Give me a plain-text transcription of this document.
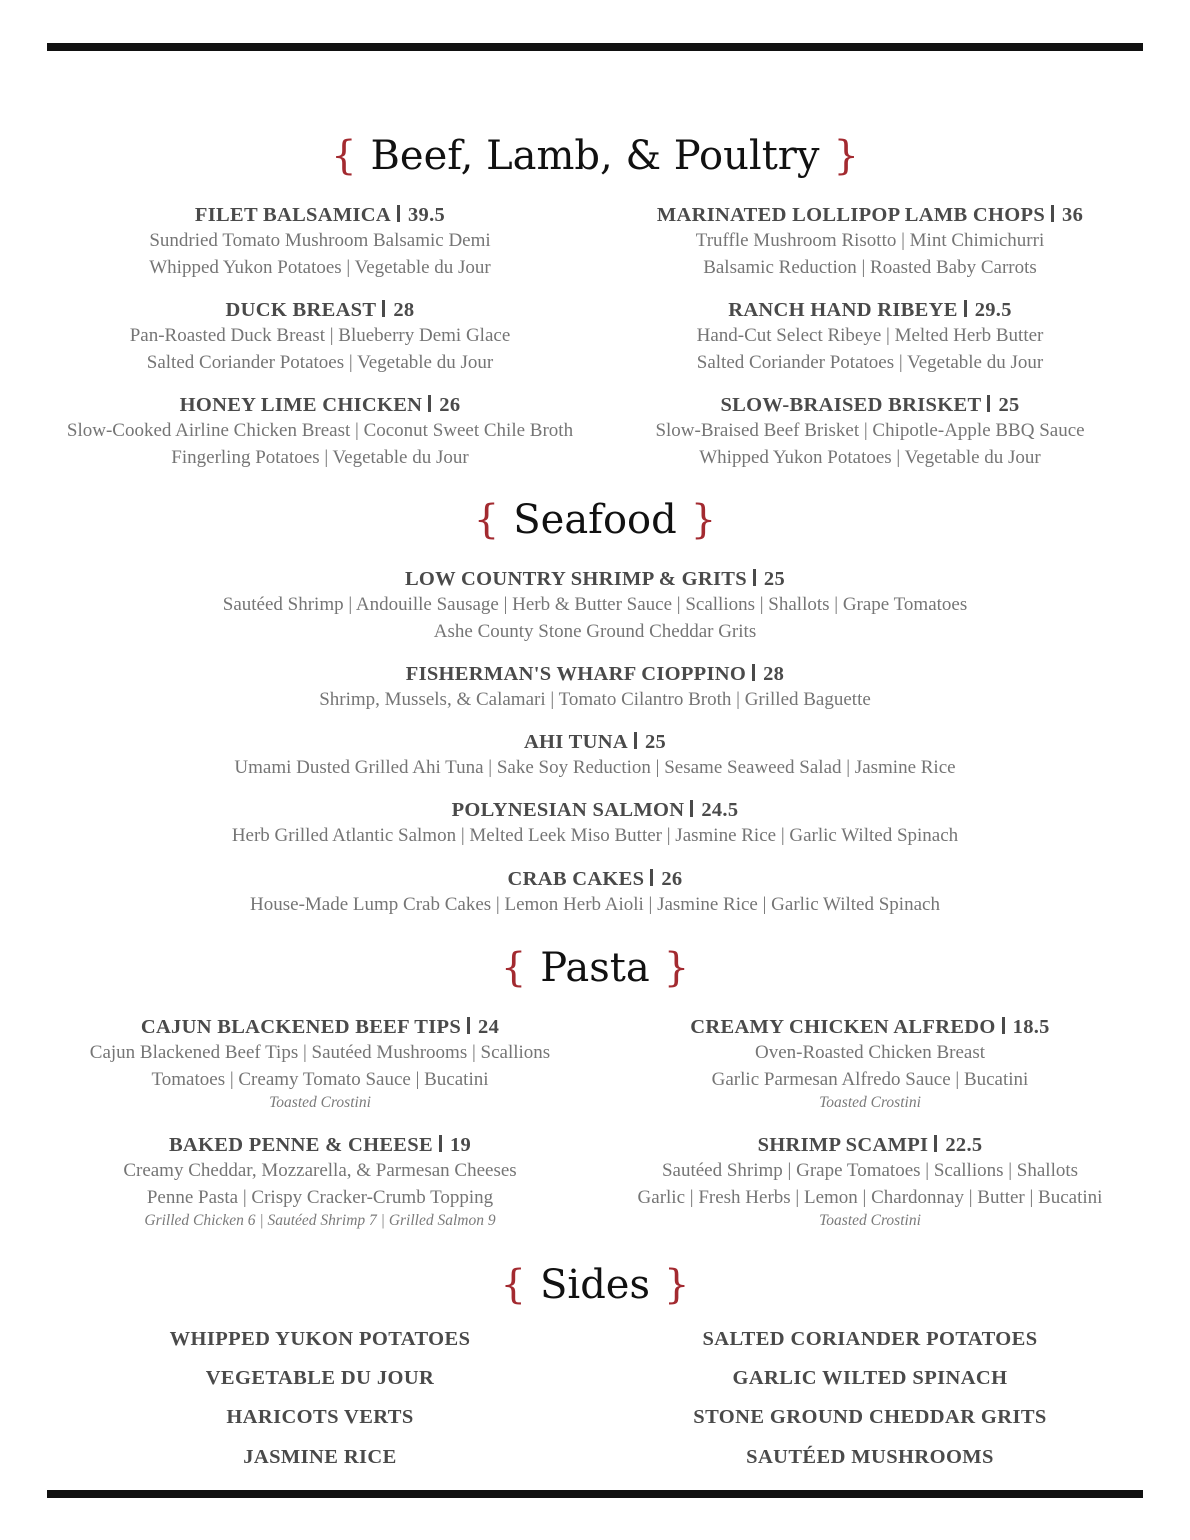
{ Beef, Lamb, & Poultry }
FILET BALSAMICA 39.5
Sundried Tomato Mushroom Balsamic Demi
Whipped Yukon Potatoes | Vegetable du Jour
MARINATED LOLLIPOP LAMB CHOPS 36
Truffle Mushroom Risotto | Mint Chimichurri
Balsamic Reduction | Roasted Baby Carrots
DUCK BREAST 28
Pan-Roasted Duck Breast | Blueberry Demi Glace
Salted Coriander Potatoes | Vegetable du Jour
RANCH HAND RIBEYE 29.5
Hand-Cut Select Ribeye | Melted Herb Butter
Salted Coriander Potatoes | Vegetable du Jour
HONEY LIME CHICKEN 26
Slow-Cooked Airline Chicken Breast | Coconut Sweet Chile Broth
Fingerling Potatoes | Vegetable du Jour
SLOW-BRAISED BRISKET 25
Slow-Braised Beef Brisket | Chipotle-Apple BBQ Sauce
Whipped Yukon Potatoes | Vegetable du Jour
{ Seafood }
LOW COUNTRY SHRIMP & GRITS 25
Sautéed Shrimp | Andouille Sausage | Herb & Butter Sauce | Scallions | Shallots | Grape Tomatoes
Ashe County Stone Ground Cheddar Grits
FISHERMAN'S WHARF CIOPPINO 28
Shrimp, Mussels, & Calamari | Tomato Cilantro Broth | Grilled Baguette
AHI TUNA 25
Umami Dusted Grilled Ahi Tuna | Sake Soy Reduction | Sesame Seaweed Salad | Jasmine Rice
POLYNESIAN SALMON 24.5
Herb Grilled Atlantic Salmon | Melted Leek Miso Butter | Jasmine Rice | Garlic Wilted Spinach
CRAB CAKES 26
House-Made Lump Crab Cakes | Lemon Herb Aioli | Jasmine Rice | Garlic Wilted Spinach
{ Pasta }
CAJUN BLACKENED BEEF TIPS 24
Cajun Blackened Beef Tips | Sautéed Mushrooms | Scallions
Tomatoes | Creamy Tomato Sauce | Bucatini
Toasted Crostini
CREAMY CHICKEN ALFREDO 18.5
Oven-Roasted Chicken Breast
Garlic Parmesan Alfredo Sauce | Bucatini
Toasted Crostini
BAKED PENNE & CHEESE 19
Creamy Cheddar, Mozzarella, & Parmesan Cheeses
Penne Pasta | Crispy Cracker-Crumb Topping
Grilled Chicken 6 | Sautéed Shrimp 7 | Grilled Salmon 9
SHRIMP SCAMPI 22.5
Sautéed Shrimp | Grape Tomatoes | Scallions | Shallots
Garlic | Fresh Herbs | Lemon | Chardonnay | Butter | Bucatini
Toasted Crostini
{ Sides }
WHIPPED YUKON POTATOES
VEGETABLE DU JOUR
HARICOTS VERTS
JASMINE RICE
SALTED CORIANDER POTATOES
GARLIC WILTED SPINACH
STONE GROUND CHEDDAR GRITS
SAUTÉED MUSHROOMS
